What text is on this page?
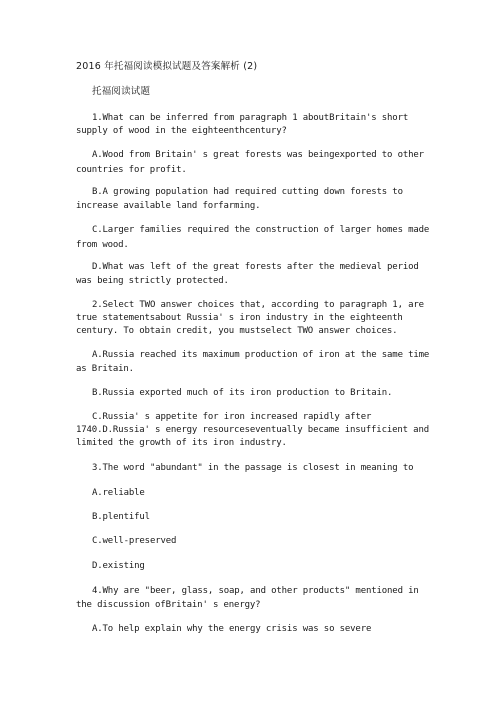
2016 年托福阅读模拟试题及答案解析 (2)
托福阅读试题
1.What can be inferred from paragraph 1 aboutBritain's short
supply of wood in the eighteenthcentury?
A.Wood from Britain' s great forests was beingexported to other
countries for profit.
B.A growing population had required cutting down forests to
increase available land forfarming.
C.Larger families required the construction of larger homes made
from wood.
D.What was left of the great forests after the medieval period
was being strictly protected.
2.Select TWO answer choices that, according to paragraph 1, are
true statementsabout Russia' s iron industry in the eighteenth
century. To obtain credit, you mustselect TWO answer choices.
A.Russia reached its maximum production of iron at the same time
as Britain.
B.Russia exported much of its iron production to Britain.
C.Russia' s appetite for iron increased rapidly after
1740.D.Russia' s energy resourceseventually became insufficient and
limited the growth of its iron industry.
3.The word "abundant" in the passage is closest in meaning to
A.reliable
B.plentiful
C.well-preserved
D.existing
4.Why are "beer, glass, soap, and other products" mentioned in
the discussion ofBritain' s energy?
A.To help explain why the energy crisis was so severe
